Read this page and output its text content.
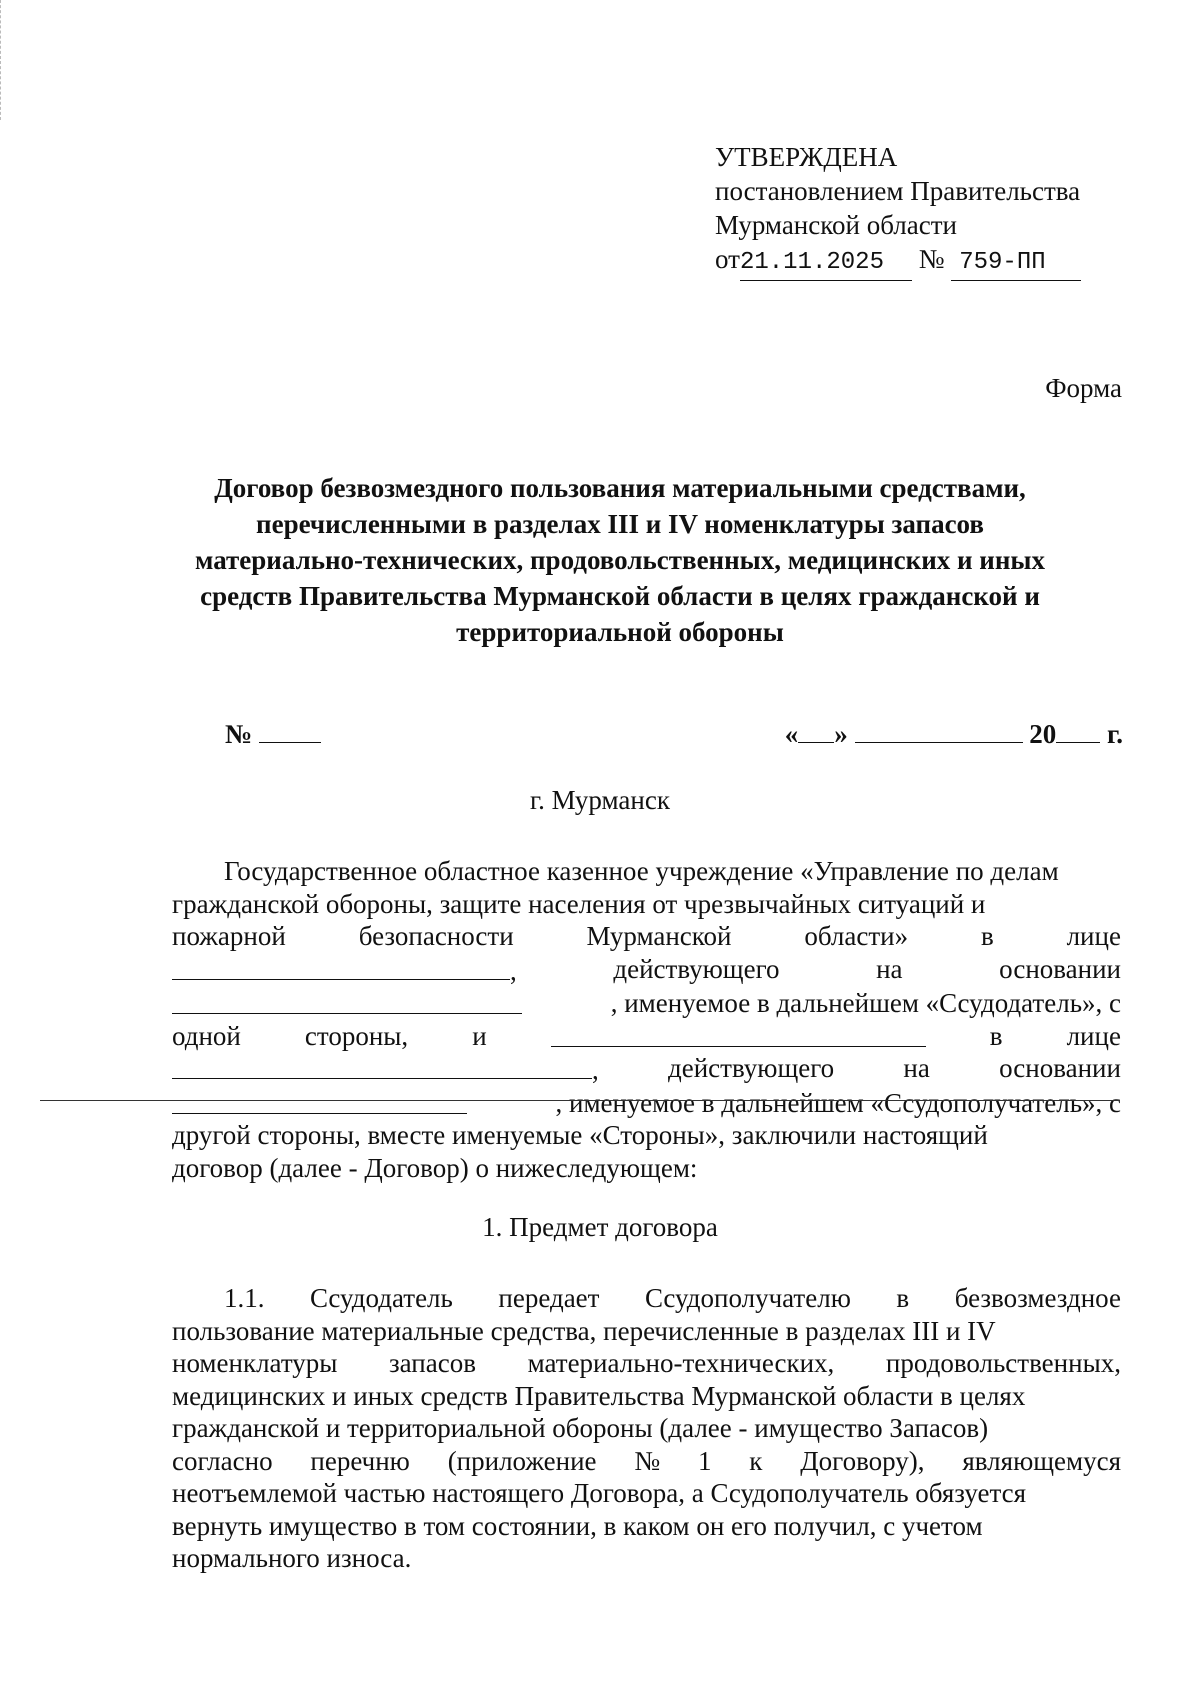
УТВЕРЖДЕНА
постановлением Правительства
Мурманской области
от21.11.2025 № 759-ПП
Форма
Договор безвозмездного пользования материальными средствами,
перечисленными в разделах III и IV номенклатуры запасов
материально-технических, продовольственных, медицинских и иных
средств Правительства Мурманской области в целях гражданской и
территориальной обороны
№	« »	20 г.
г. Мурманск
Государственное областное казенное учреждение «Управление по делам
гражданской обороны, защите населения от чрезвычайных ситуаций и
пожарной	безопасности	Мурманской	области»	в	лице
,	действующего	на	основании
, именуемое в дальнейшем «Ссудодатель», с
одной стороны, и	в лице
,	действующего	на	основании
, именуемое в дальнейшем «Ссудополучатель», с
другой стороны, вместе именуемые «Стороны», заключили настоящий
договор (далее - Договор) о нижеследующем:
1. Предмет договора
1.1. Ссудодатель передает Ссудополучателю в безвозмездное
пользование материальные средства, перечисленные в разделах III и IV
номенклатуры запасов материально-технических, продовольственных,
медицинских и иных средств Правительства Мурманской области в целях
гражданской и территориальной обороны (далее - имущество Запасов)
согласно перечню (приложение № 1 к Договору), являющемуся
неотъемлемой частью настоящего Договора, а Ссудополучатель обязуется
вернуть имущество в том состоянии, в каком он его получил, с учетом
нормального износа.
